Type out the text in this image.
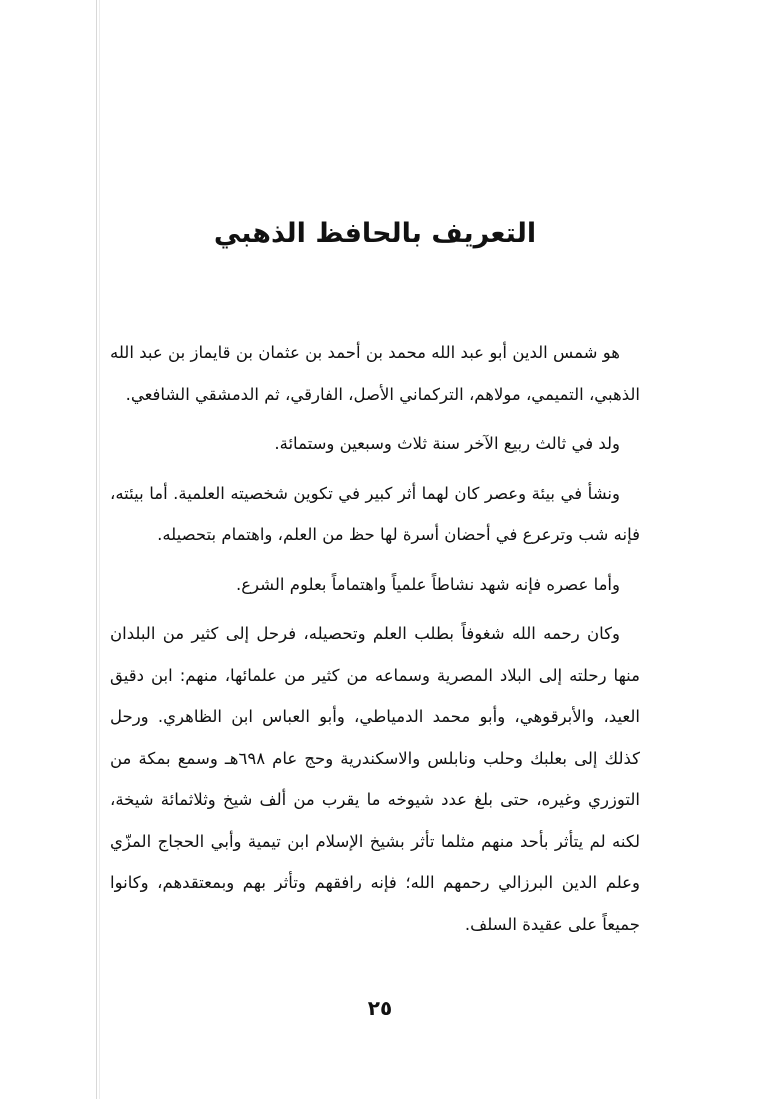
التعريف بالحافظ الذهبي

هو شمس الدين أبو عبد الله محمد بن أحمد بن عثمان بن قايماز بن عبد الله الذهبي، التميمي، مولاهم، التركماني الأصل، الفارقي، ثم الدمشقي الشافعي.

ولد في ثالث ربيع الآخر سنة ثلاث وسبعين وستمائة.

ونشأ في بيئة وعصر كان لهما أثر كبير في تكوين شخصيته العلمية. أما بيئته، فإنه شب وترعرع في أحضان أسرة لها حظ من العلم، واهتمام بتحصيله.

وأما عصره فإنه شهد نشاطاً علمياً واهتماماً بعلوم الشرع.

وكان رحمه الله شغوفاً بطلب العلم وتحصيله، فرحل إلى كثير من البلدان منها رحلته إلى البلاد المصرية وسماعه من كثير من علمائها، منهم: ابن دقيق العيد، والأبرقوهي، وأبو محمد الدمياطي، وأبو العباس ابن الظاهري. ورحل كذلك إلى بعلبك وحلب ونابلس والاسكندرية وحج عام ٦٩٨هـ وسمع بمكة من التوزري وغيره، حتى بلغ عدد شيوخه ما يقرب من ألف شيخ وثلاثمائة شيخة، لكنه لم يتأثر بأحد منهم مثلما تأثر بشيخ الإسلام ابن تيمية وأبي الحجاج المزّي وعلم الدين البرزالي رحمهم الله؛ فإنه رافقهم وتأثر بهم وبمعتقدهم، وكانوا جميعاً على عقيدة السلف.

٢٥
